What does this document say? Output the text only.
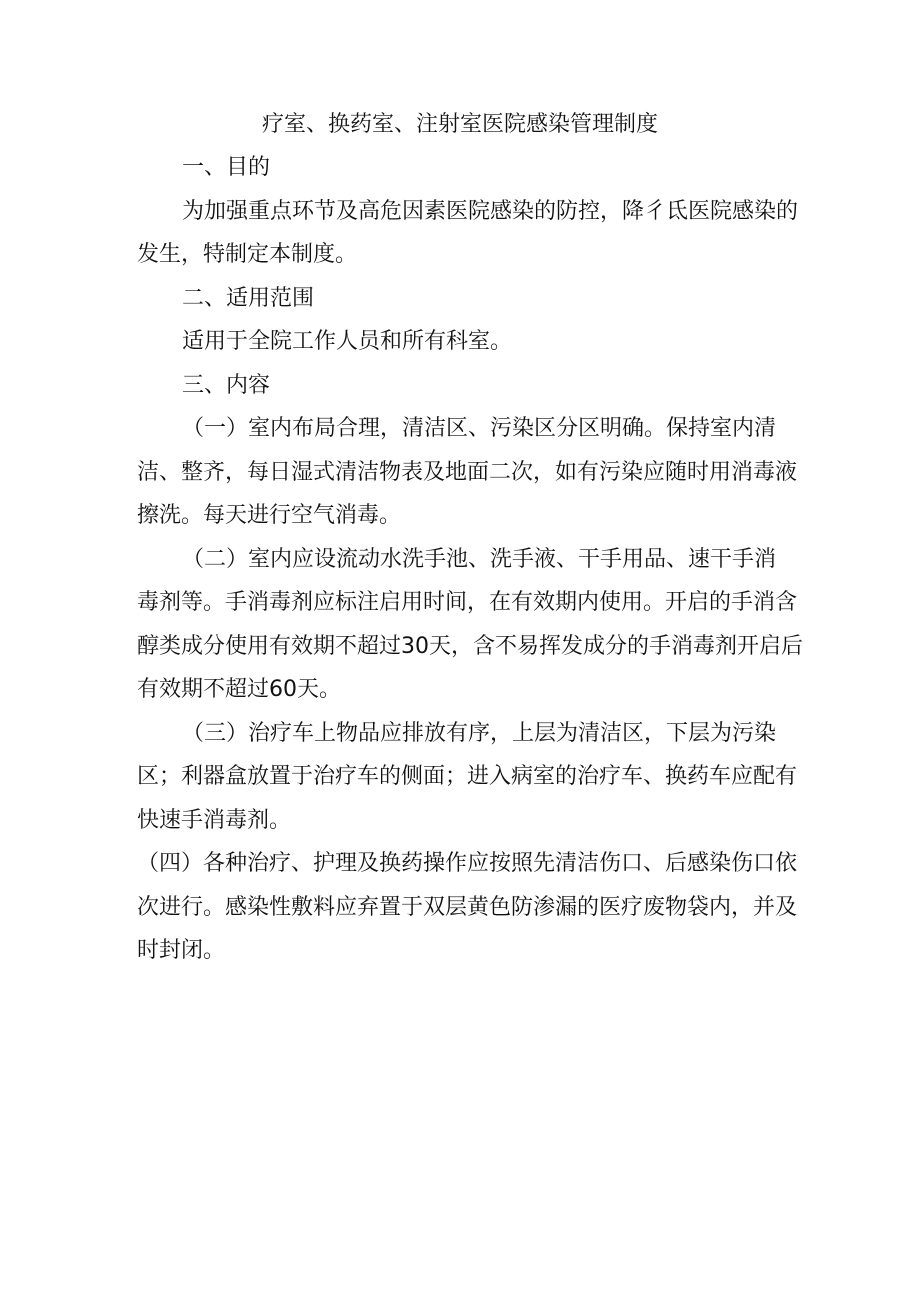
疗室、换药室、注射室医院感染管理制度
一、目的
为加强重点环节及高危因素医院感染的防控，降彳氐医院感染的
发生，特制定本制度。
二、适用范围
适用于全院工作人员和所有科室。
三、内容
（一）室内布局合理，清洁区、污染区分区明确。保持室内清
洁、整齐，每日湿式清洁物表及地面二次，如有污染应随时用消毒液
擦洗。每天进行空气消毒。
（二）室内应设流动水洗手池、洗手液、干手用品、速干手消
毒剂等。手消毒剂应标注启用时间，在有效期内使用。开启的手消含
醇类成分使用有效期不超过30天，含不易挥发成分的手消毒剂开启后
有效期不超过60天。
（三）治疗车上物品应排放有序，上层为清洁区，下层为污染
区；利器盒放置于治疗车的侧面；进入病室的治疗车、换药车应配有
快速手消毒剂。
（四）各种治疗、护理及换药操作应按照先清洁伤口、后感染伤口依
次进行。感染性敷料应弃置于双层黄色防渗漏的医疗废物袋内，并及
时封闭。
